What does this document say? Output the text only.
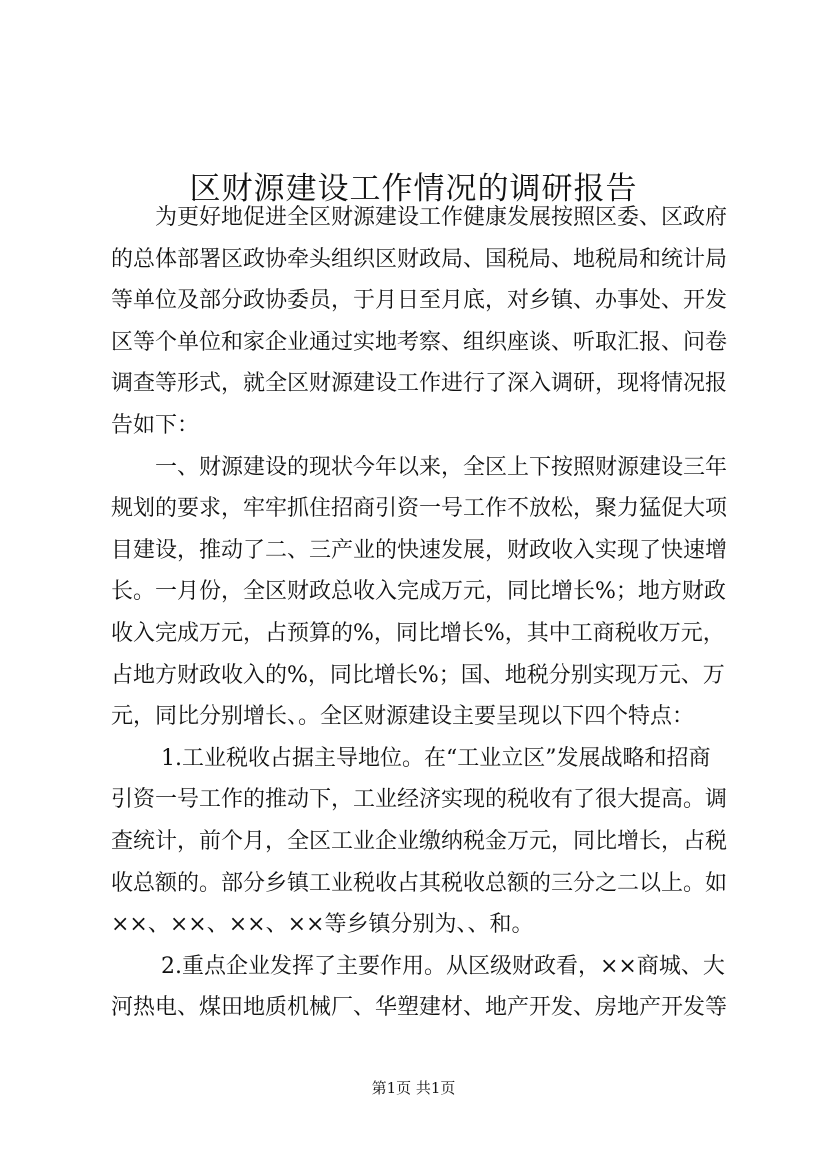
区财源建设工作情况的调研报告

为更好地促进全区财源建设工作健康发展按照区委、区政府
的总体部署区政协牵头组织区财政局、国税局、地税局和统计局
等单位及部分政协委员，于月日至月底，对乡镇、办事处、开发
区等个单位和家企业通过实地考察、组织座谈、听取汇报、问卷
调查等形式，就全区财源建设工作进行了深入调研，现将情况报
告如下：

一、财源建设的现状今年以来，全区上下按照财源建设三年
规划的要求，牢牢抓住招商引资一号工作不放松，聚力猛促大项
目建设，推动了二、三产业的快速发展，财政收入实现了快速增
长。一月份，全区财政总收入完成万元，同比增长%；地方财政
收入完成万元，占预算的%，同比增长%，其中工商税收万元，
占地方财政收入的%，同比增长%；国、地税分别实现万元、万
元，同比分别增长、。全区财源建设主要呈现以下四个特点：

1.工业税收占据主导地位。在“工业立区”发展战略和招商
引资一号工作的推动下，工业经济实现的税收有了很大提高。调
查统计，前个月，全区工业企业缴纳税金万元，同比增长，占税
收总额的。部分乡镇工业税收占其税收总额的三分之二以上。如
××、××、××、××等乡镇分别为、、和。

2.重点企业发挥了主要作用。从区级财政看，××商城、大
河热电、煤田地质机械厂、华塑建材、地产开发、房地产开发等

第1页 共1页
